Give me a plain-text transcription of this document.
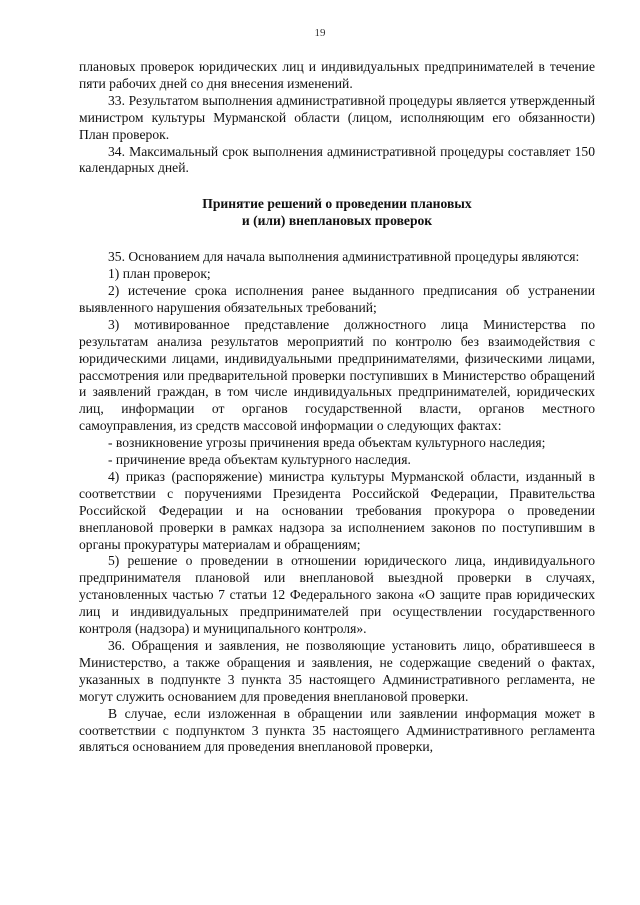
19

плановых проверок юридических лиц и индивидуальных предпринимателей в течение пяти рабочих дней со дня внесения изменений.

33. Результатом выполнения административной процедуры является утвержденный министром культуры Мурманской области (лицом, исполняющим его обязанности) План проверок.

34. Максимальный срок выполнения административной процедуры составляет 150 календарных дней.

Принятие решений о проведении плановых
и (или) внеплановых проверок

35. Основанием для начала выполнения административной процедуры являются:

1) план проверок;

2) истечение срока исполнения ранее выданного предписания об устранении выявленного нарушения обязательных требований;

3) мотивированное представление должностного лица Министерства по результатам анализа результатов мероприятий по контролю без взаимодействия с юридическими лицами, индивидуальными предпринимателями, физическими лицами, рассмотрения или предварительной проверки поступивших в Министерство обращений и заявлений граждан, в том числе индивидуальных предпринимателей, юридических лиц, информации от органов государственной власти, органов местного самоуправления, из средств массовой информации о следующих фактах:

- возникновение угрозы причинения вреда объектам культурного наследия;

- причинение вреда объектам культурного наследия.

4) приказ (распоряжение) министра культуры Мурманской области, изданный в соответствии с поручениями Президента Российской Федерации, Правительства Российской Федерации и на основании требования прокурора о проведении внеплановой проверки в рамках надзора за исполнением законов по поступившим в органы прокуратуры материалам и обращениям;

5) решение о проведении в отношении юридического лица, индивидуального предпринимателя плановой или внеплановой выездной проверки в случаях, установленных частью 7 статьи 12 Федерального закона «О защите прав юридических лиц и индивидуальных предпринимателей при осуществлении государственного контроля (надзора) и муниципального контроля».

36. Обращения и заявления, не позволяющие установить лицо, обратившееся в Министерство, а также обращения и заявления, не содержащие сведений о фактах, указанных в подпункте 3 пункта 35 настоящего Административного регламента, не могут служить основанием для проведения внеплановой проверки.

В случае, если изложенная в обращении или заявлении информация может в соответствии с подпунктом 3 пункта 35 настоящего Административного регламента являться основанием для проведения внеплановой проверки,
